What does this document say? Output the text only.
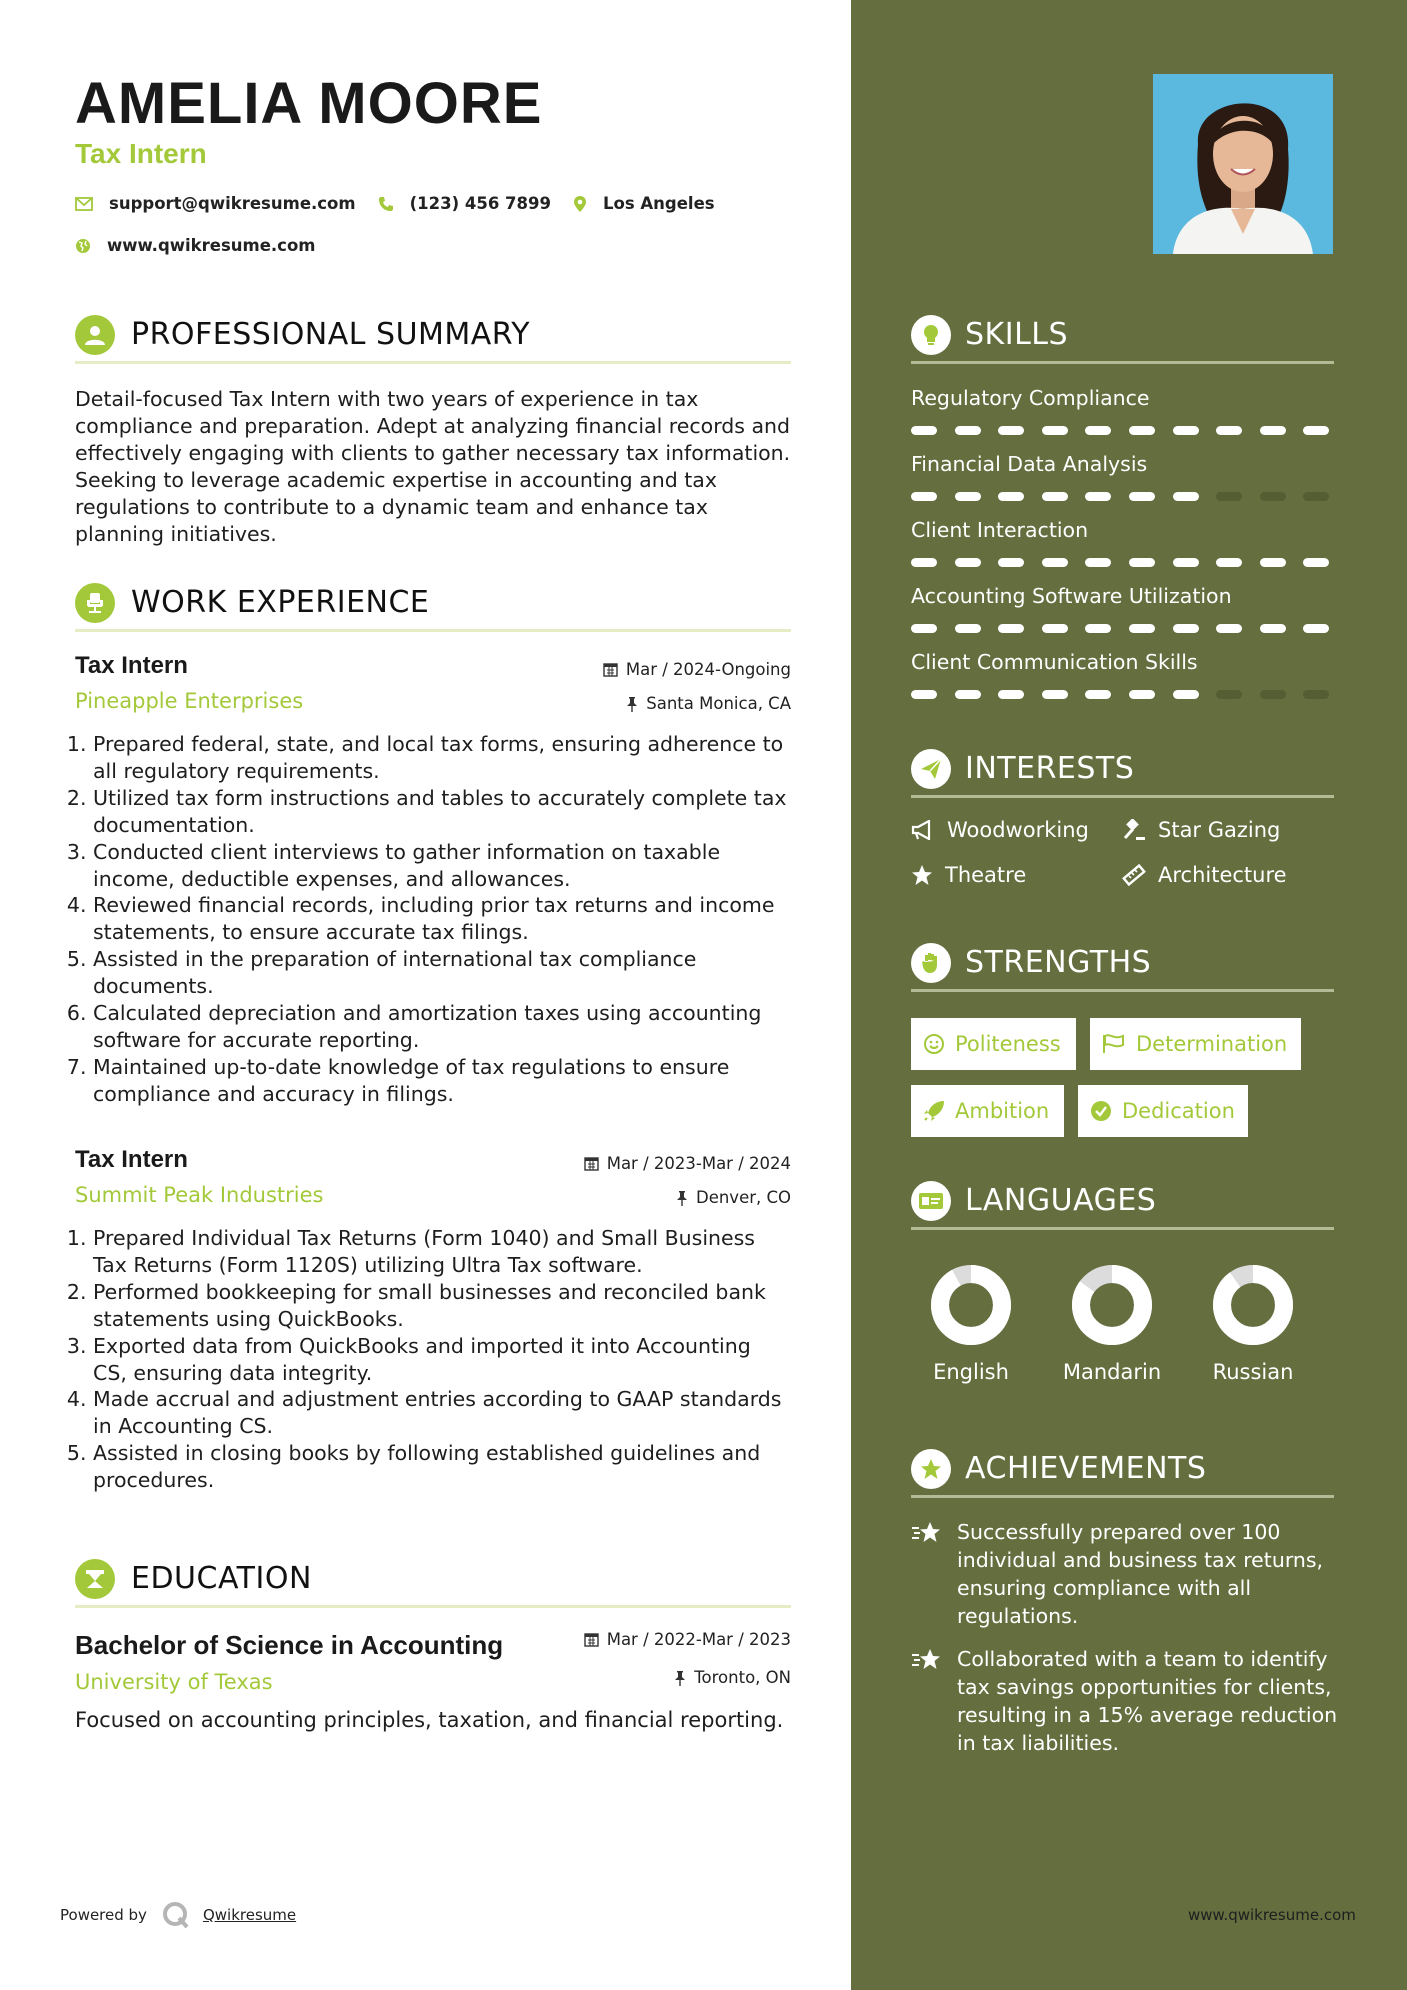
AMELIA MOORE
Tax Intern
support@qwikresume.com	(123) 456 7899	Los Angeles
www.qwikresume.com
PROFESSIONAL SUMMARY
Detail-focused Tax Intern with two years of experience in tax compliance and preparation. Adept at analyzing financial records and effectively engaging with clients to gather necessary tax information. Seeking to leverage academic expertise in accounting and tax regulations to contribute to a dynamic team and enhance tax planning initiatives.
WORK EXPERIENCE
Tax Intern
Pineapple Enterprises
Mar / 2024-Ongoing
Santa Monica, CA
1. Prepared federal, state, and local tax forms, ensuring adherence to all regulatory requirements.
2. Utilized tax form instructions and tables to accurately complete tax documentation.
3. Conducted client interviews to gather information on taxable income, deductible expenses, and allowances.
4. Reviewed financial records, including prior tax returns and income statements, to ensure accurate tax filings.
5. Assisted in the preparation of international tax compliance documents.
6. Calculated depreciation and amortization taxes using accounting software for accurate reporting.
7. Maintained up-to-date knowledge of tax regulations to ensure compliance and accuracy in filings.
Tax Intern
Summit Peak Industries
Mar / 2023-Mar / 2024
Denver, CO
1. Prepared Individual Tax Returns (Form 1040) and Small Business Tax Returns (Form 1120S) utilizing Ultra Tax software.
2. Performed bookkeeping for small businesses and reconciled bank statements using QuickBooks.
3. Exported data from QuickBooks and imported it into Accounting CS, ensuring data integrity.
4. Made accrual and adjustment entries according to GAAP standards in Accounting CS.
5. Assisted in closing books by following established guidelines and procedures.
EDUCATION
Bachelor of Science in Accounting
University of Texas
Mar / 2022-Mar / 2023
Toronto, ON
Focused on accounting principles, taxation, and financial reporting.
Powered by	Qwikresume	www.qwikresume.com
SKILLS
Regulatory Compliance
Financial Data Analysis
Client Interaction
Accounting Software Utilization
Client Communication Skills
INTERESTS
Woodworking	Star Gazing
Theatre	Architecture
STRENGTHS
Politeness	Determination
Ambition	Dedication
LANGUAGES
English	Mandarin	Russian
ACHIEVEMENTS
Successfully prepared over 100 individual and business tax returns, ensuring compliance with all regulations.
Collaborated with a team to identify tax savings opportunities for clients, resulting in a 15% average reduction in tax liabilities.
